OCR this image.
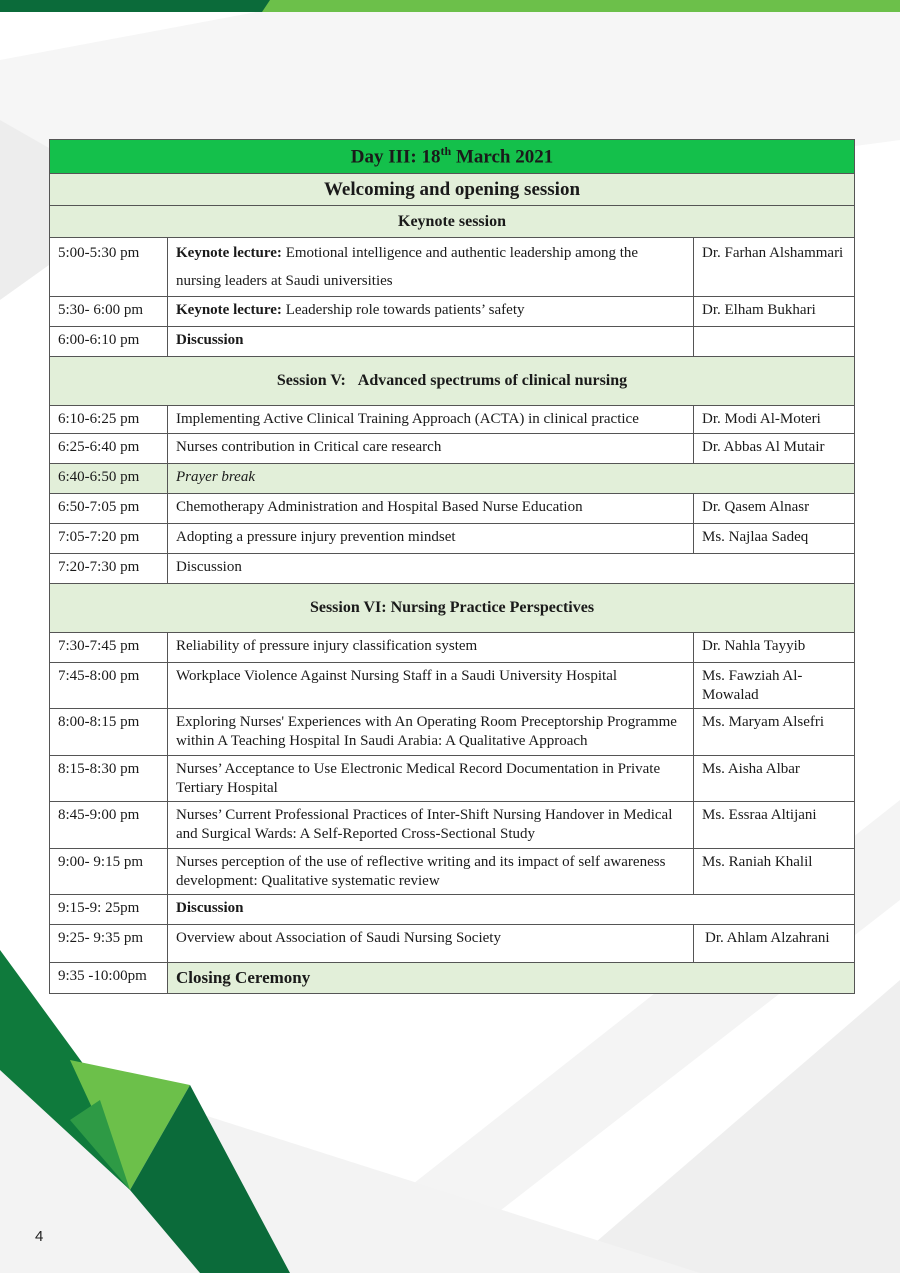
Day III: 18th March 2021		
Welcoming and opening session		
Keynote session		
5:00-5:30 pm	Keynote lecture: Emotional intelligence and authentic leadership among the nursing leaders at Saudi universities	Dr. Farhan Alshammari
5:30- 6:00 pm	Keynote lecture: Leadership role towards patients’ safety	Dr. Elham Bukhari
6:00-6:10 pm	Discussion	
Session V: Advanced spectrums of clinical nursing		
6:10-6:25 pm	Implementing Active Clinical Training Approach (ACTA) in clinical practice	Dr. Modi Al-Moteri
6:25-6:40 pm	Nurses contribution in Critical care research	Dr. Abbas Al Mutair
6:40-6:50 pm	Prayer break	
6:50-7:05 pm	Chemotherapy Administration and Hospital Based Nurse Education	Dr. Qasem Alnasr
7:05-7:20 pm	Adopting a pressure injury prevention mindset	Ms. Najlaa Sadeq
7:20-7:30 pm	Discussion	
Session VI: Nursing Practice Perspectives		
7:30-7:45 pm	Reliability of pressure injury classification system	Dr. Nahla Tayyib
7:45-8:00 pm	Workplace Violence Against Nursing Staff in a Saudi University Hospital	Ms. Fawziah Al-Mowalad
8:00-8:15 pm	Exploring Nurses' Experiences with An Operating Room Preceptorship Programme within A Teaching Hospital In Saudi Arabia: A Qualitative Approach	Ms. Maryam Alsefri
8:15-8:30 pm	Nurses’ Acceptance to Use Electronic Medical Record Documentation in Private Tertiary Hospital	Ms. Aisha Albar
8:45-9:00 pm	Nurses’ Current Professional Practices of Inter-Shift Nursing Handover in Medical and Surgical Wards: A Self-Reported Cross-Sectional Study	Ms. Essraa Altijani
9:00- 9:15 pm	Nurses perception of the use of reflective writing and its impact of self awareness development: Qualitative systematic review	Ms. Raniah Khalil
9:15-9: 25pm	Discussion	
9:25- 9:35 pm	Overview about Association of Saudi Nursing Society	Dr. Ahlam Alzahrani
9:35 -10:00pm	Closing Ceremony	
4
